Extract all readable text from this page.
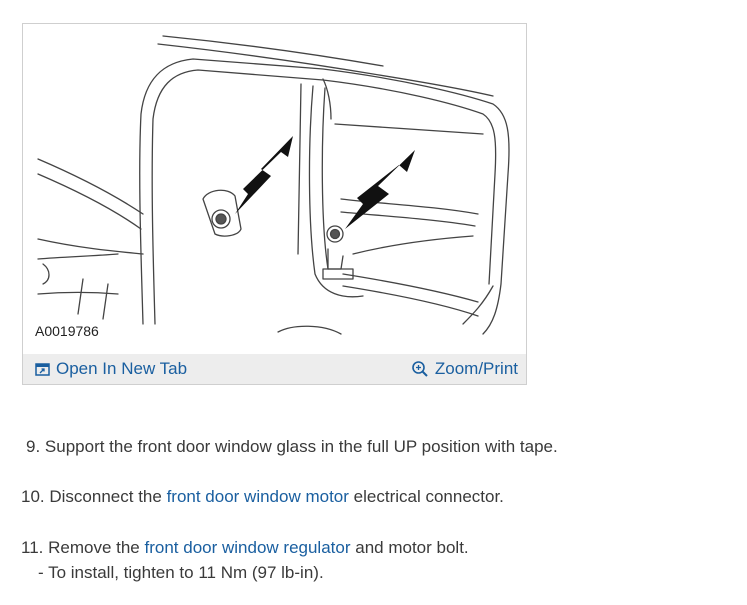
A0019786
Open In New Tab	Zoom/Print
9. Support the front door window glass in the full UP position with tape.
10. Disconnect the front door window motor electrical connector.
11. Remove the front door window regulator and motor bolt.
- To install, tighten to 11 Nm (97 lb-in).
